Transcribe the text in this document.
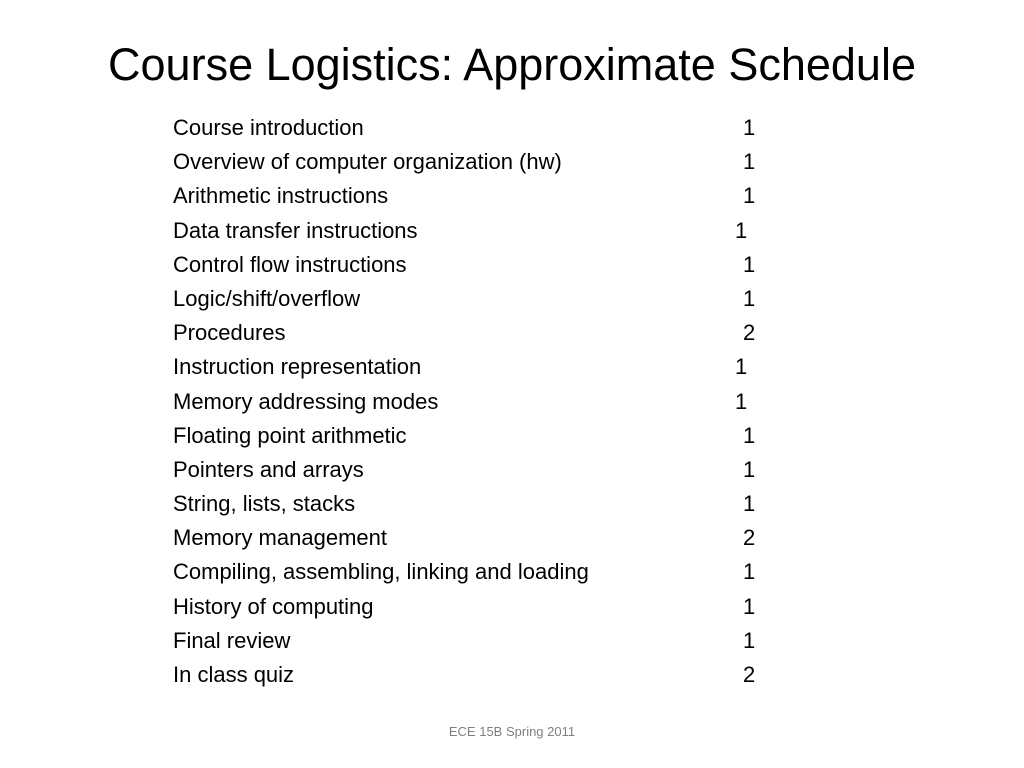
Course Logistics: Approximate Schedule
Course introduction	1
Overview of computer organization (hw)	1
Arithmetic instructions	1
Data transfer instructions	1
Control flow instructions	1
Logic/shift/overflow	1
Procedures	2
Instruction representation	1
Memory addressing modes	1
Floating point arithmetic	1
Pointers and arrays	1
String, lists, stacks	1
Memory management	2
Compiling, assembling, linking and loading	1
History of computing	1
Final review	1
In class quiz	2
ECE 15B Spring 2011
